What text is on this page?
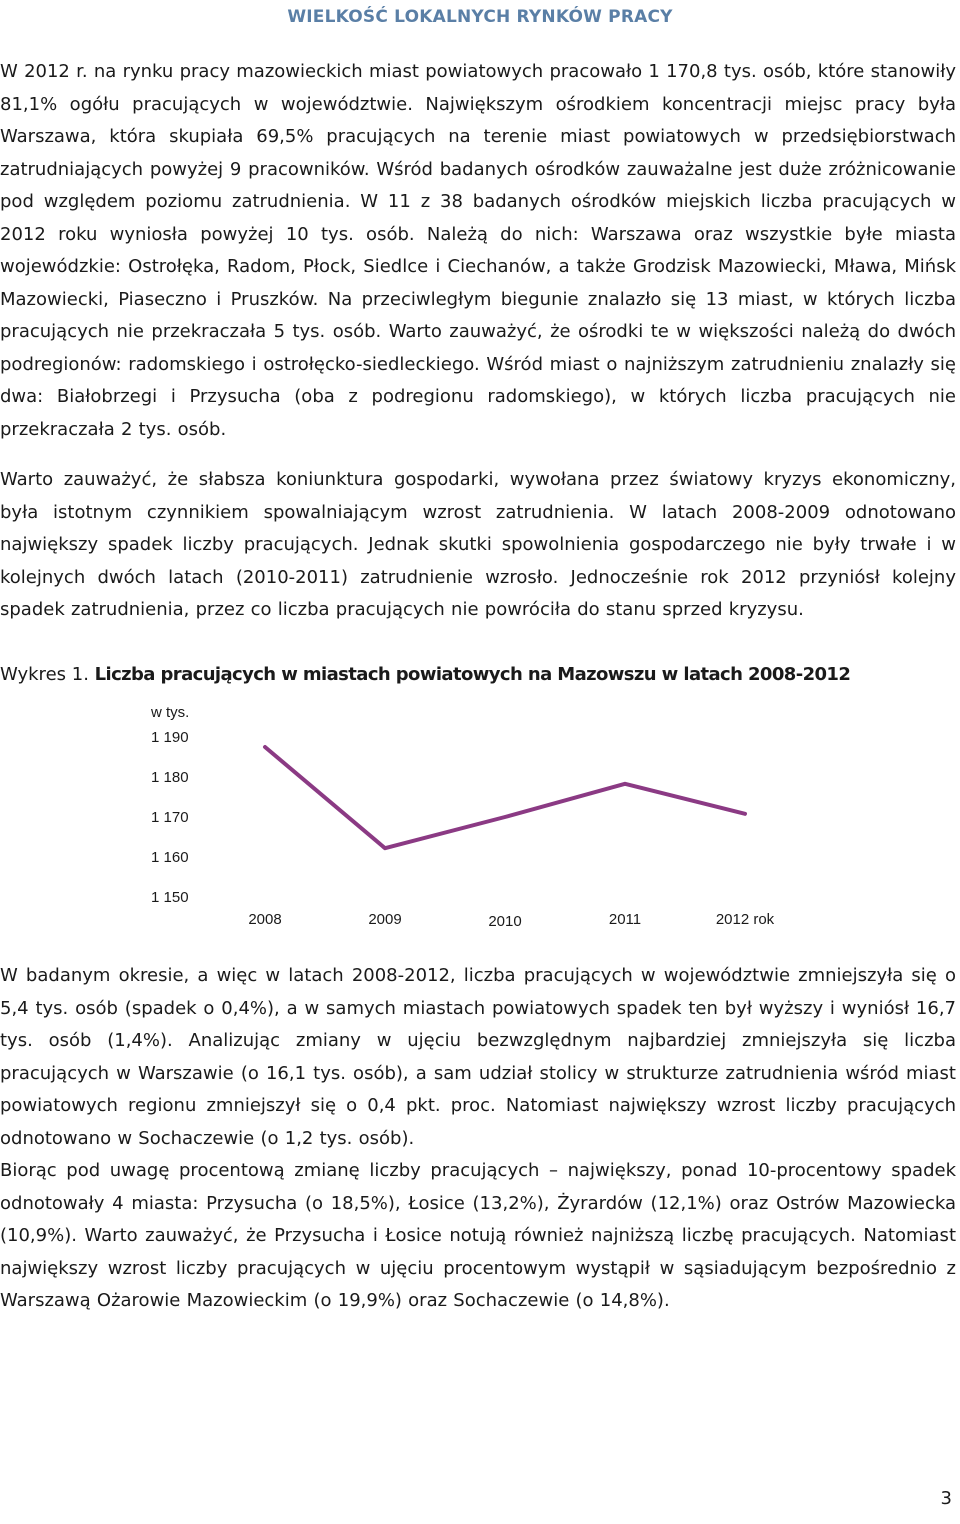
WIELKOŚĆ LOKALNYCH RYNKÓW PRACY

W 2012 r. na rynku pracy mazowieckich miast powiatowych pracowało 1 170,8 tys. osób, które stanowiły 81,1% ogółu pracujących w województwie. Największym ośrodkiem koncentracji miejsc pracy była Warszawa, która skupiała 69,5% pracujących na terenie miast powiatowych w przedsiębiorstwach zatrudniających powyżej 9 pracowników. Wśród badanych ośrodków zauważalne jest duże zróżnicowanie pod względem poziomu zatrudnienia. W 11 z 38 badanych ośrodków miejskich liczba pracujących w 2012 roku wyniosła powyżej 10 tys. osób. Należą do nich: Warszawa oraz wszystkie byłe miasta wojewódzkie: Ostrołęka, Radom, Płock, Siedlce i Ciechanów, a także Grodzisk Mazowiecki, Mława, Mińsk Mazowiecki, Piaseczno i Pruszków. Na przeciwległym biegunie znalazło się 13 miast, w których liczba pracujących nie przekraczała 5 tys. osób. Warto zauważyć, że ośrodki te w większości należą do dwóch podregionów: radomskiego i ostrołęcko-siedleckiego. Wśród miast o najniższym zatrudnieniu znalazły się dwa: Białobrzegi i Przysucha (oba z podregionu radomskiego), w których liczba pracujących nie przekraczała 2 tys. osób.

Warto zauważyć, że słabsza koniunktura gospodarki, wywołana przez światowy kryzys ekonomiczny, była istotnym czynnikiem spowalniającym wzrost zatrudnienia. W latach 2008-2009 odnotowano największy spadek liczby pracujących. Jednak skutki spowolnienia gospodarczego nie były trwałe i w kolejnych dwóch latach (2010-2011) zatrudnienie wzrosło. Jednocześnie rok 2012 przyniósł kolejny spadek zatrudnienia, przez co liczba pracujących nie powróciła do stanu sprzed kryzysu.

Wykres 1. Liczba pracujących w miastach powiatowych na Mazowszu w latach 2008-2012
w tys.
1 190
1 180
1 170
1 160
1 150
2008	2009	2010	2011	2012 rok

W badanym okresie, a więc w latach 2008-2012, liczba pracujących w województwie zmniejszyła się o 5,4 tys. osób (spadek o 0,4%), a w samych miastach powiatowych spadek ten był wyższy i wyniósł 16,7 tys. osób (1,4%). Analizując zmiany w ujęciu bezwzględnym najbardziej zmniejszyła się liczba pracujących w Warszawie (o 16,1 tys. osób), a sam udział stolicy w strukturze zatrudnienia wśród miast powiatowych regionu zmniejszył się o 0,4 pkt. proc. Natomiast największy wzrost liczby pracujących odnotowano w Sochaczewie (o 1,2 tys. osób).

Biorąc pod uwagę procentową zmianę liczby pracujących – największy, ponad 10-procentowy spadek odnotowały 4 miasta: Przysucha (o 18,5%), Łosice (13,2%), Żyrardów (12,1%) oraz Ostrów Mazowiecka (10,9%). Warto zauważyć, że Przysucha i Łosice notują również najniższą liczbę pracujących. Natomiast największy wzrost liczby pracujących w ujęciu procentowym wystąpił w sąsiadującym bezpośrednio z Warszawą Ożarowie Mazowieckim (o 19,9%) oraz Sochaczewie (o 14,8%).

3
